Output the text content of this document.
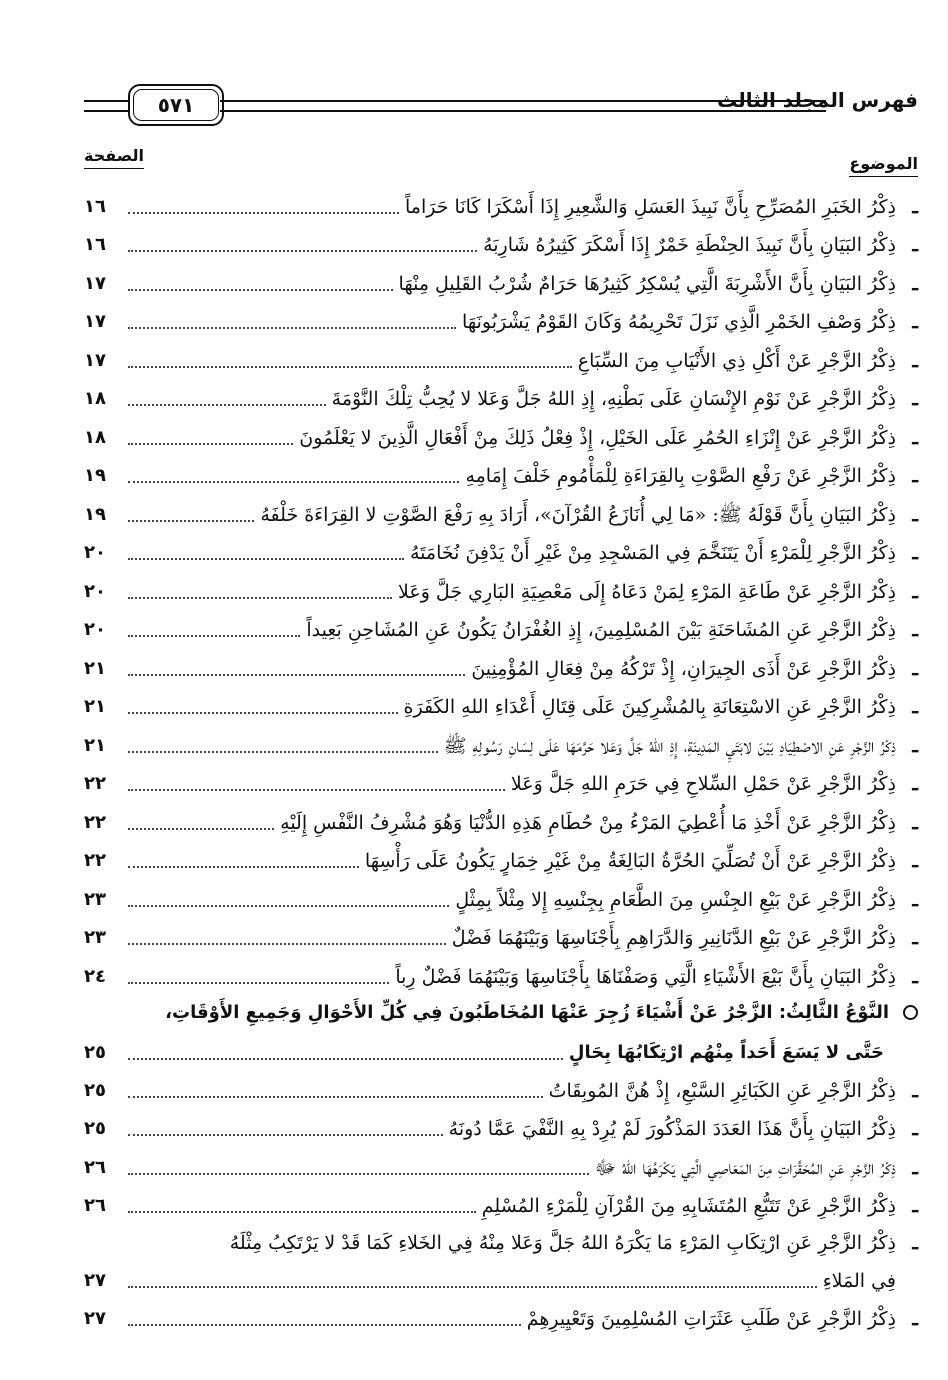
٥٧١	فهرس المجلد الثالث
الموضوع
الصفحة
ـ
ذِكْرُ الخَبَرِ المُصَرِّحِ بِأَنَّ نَبِيذَ العَسَلِ وَالشَّعِيرِ إِذَا أَسْكَرَا كَانَا حَرَاماً
١٦
ـ
ذِكْرُ البَيَانِ بِأَنَّ نَبِيذَ الحِنْطَةِ خَمْرٌ إِذَا أَسْكَرَ كَثِيرُهُ شَارِبَهُ
١٦
ـ
ذِكْرُ البَيَانِ بِأَنَّ الأَشْرِبَةَ الَّتِي يُسْكِرُ كَثِيرُهَا حَرَامٌ شُرْبُ القَلِيلِ مِنْهَا
١٧
ـ
ذِكْرُ وَصْفِ الخَمْرِ الَّذِي نَزَلَ تَحْرِيمُهُ وَكَانَ القَوْمُ يَشْرَبُونَهَا
١٧
ـ
ذِكْرُ الزَّجْرِ عَنْ أَكْلِ ذِي الأَنْيَابِ مِنَ السِّبَاعِ
١٧
ـ
ذِكْرُ الزَّجْرِ عَنْ نَوْمِ الإِنْسَانِ عَلَى بَطْنِهِ، إِذِ اللهُ جَلَّ وَعَلا لا يُحِبُّ تِلْكَ النَّوْمَةَ
١٨
ـ
ذِكْرُ الزَّجْرِ عَنْ إِنْزَاءِ الحُمُرِ عَلَى الخَيْلِ، إِذْ فِعْلُ ذَلِكَ مِنْ أَفْعَالِ الَّذِينَ لا يَعْلَمُونَ
١٨
ـ
ذِكْرُ الزَّجْرِ عَنْ رَفْعِ الصَّوْتِ بِالقِرَاءَةِ لِلْمَأْمُومِ خَلْفَ إِمَامِهِ
١٩
ـ
ذِكْرُ البَيَانِ بِأَنَّ قَوْلَهُ ﷺ: «مَا لِي أُنَازَعُ القُرْآنَ»، أَرَادَ بِهِ رَفْعَ الصَّوْتِ لا القِرَاءَةَ خَلْفَهُ
١٩
ـ
ذِكْرُ الزَّجْرِ لِلْمَرْءِ أَنْ يَتَنَخَّمَ فِي المَسْجِدِ مِنْ غَيْرِ أَنْ يَدْفِنَ نُخَامَتَهُ
٢٠
ـ
ذِكْرُ الزَّجْرِ عَنْ طَاعَةِ المَرْءِ لِمَنْ دَعَاهُ إِلَى مَعْصِيَةِ البَارِي جَلَّ وَعَلا
٢٠
ـ
ذِكْرُ الزَّجْرِ عَنِ المُشَاحَنَةِ بَيْنَ المُسْلِمِينَ، إِذِ الغُفْرَانُ يَكُونُ عَنِ المُشَاحِنِ بَعِيداً
٢٠
ـ
ذِكْرُ الزَّجْرِ عَنْ أَذَى الجِيرَانِ، إِذْ تَرْكُهُ مِنْ فِعَالِ المُؤْمِنِينَ
٢١
ـ
ذِكْرُ الزَّجْرِ عَنِ الاسْتِعَانَةِ بِالمُشْرِكِينَ عَلَى قِتَالِ أَعْدَاءِ اللهِ الكَفَرَةِ
٢١
ـ
ذِكْرُ الزَّجْرِ عَنِ الاصْطِيَادِ بَيْنَ لابَتَيِ المَدِينَةِ، إِذِ اللهُ جَلَّ وَعَلا حَرَّمَهَا عَلَى لِسَانِ رَسُولِهِ ﷺ
٢١
ـ
ذِكْرُ الزَّجْرِ عَنْ حَمْلِ السِّلاحِ فِي حَرَمِ اللهِ جَلَّ وَعَلا
٢٢
ـ
ذِكْرُ الزَّجْرِ عَنْ أَخْذِ مَا أُعْطِيَ المَرْءُ مِنْ حُطَامِ هَذِهِ الدُّنْيَا وَهُوَ مُشْرِفُ النَّفْسِ إِلَيْهِ
٢٢
ـ
ذِكْرُ الزَّجْرِ عَنْ أَنْ تُصَلِّيَ الحُرَّةُ البَالِغَةُ مِنْ غَيْرِ خِمَارٍ يَكُونُ عَلَى رَأْسِهَا
٢٢
ـ
ذِكْرُ الزَّجْرِ عَنْ بَيْعِ الجِنْسِ مِنَ الطَّعَامِ بِجِنْسِهِ إِلا مِثْلاً بِمِثْلٍ
٢٣
ـ
ذِكْرُ الزَّجْرِ عَنْ بَيْعِ الدَّنَانِيرِ وَالدَّرَاهِمِ بِأَجْنَاسِهَا وَبَيْنَهُمَا فَضْلٌ
٢٣
ـ
ذِكْرُ البَيَانِ بِأَنَّ بَيْعَ الأَشْيَاءِ الَّتِي وَصَفْنَاهَا بِأَجْنَاسِهَا وَبَيْنَهُمَا فَضْلٌ رِباً
٢٤
النَّوْعُ الثَّالِثُ: الزَّجْرُ عَنْ أَشْيَاءَ زُجِرَ عَنْهَا المُخَاطَبُونَ فِي كُلِّ الأَحْوَالِ وَجَمِيعِ الأَوْقَاتِ،
حَتَّى لا يَسَعَ أَحَداً مِنْهُم ارْتِكَابُهَا بِحَالٍ
٢٥
ـ
ذِكْرُ الزَّجْرِ عَنِ الكَبَائِرِ السَّبْعِ، إِذْ هُنَّ المُوبِقَاتُ
٢٥
ـ
ذِكْرُ البَيَانِ بِأَنَّ هَذَا العَدَدَ المَذْكُورَ لَمْ يُرِدْ بِهِ النَّفْيَ عَمَّا دُونَهُ
٢٥
ـ
ذِكْرُ الزَّجْرِ عَنِ المُحَقَّرَاتِ مِنَ المَعَاصِي الَّتِي يَكْرَهُهَا اللهُ ﷻ
٢٦
ـ
ذِكْرُ الزَّجْرِ عَنْ تَتَبُّعِ المُتَشَابِهِ مِنَ القُرْآنِ لِلْمَرْءِ المُسْلِمِ
٢٦
ـ
ذِكْرُ الزَّجْرِ عَنِ ارْتِكَابِ المَرْءِ مَا يَكْرَهُ اللهُ جَلَّ وَعَلا مِنْهُ فِي الخَلاءِ كَمَا قَدْ لا يَرْتَكِبُ مِثْلَهُ
فِي المَلاءِ
٢٧
ـ
ذِكْرُ الزَّجْرِ عَنْ طَلَبِ عَثَرَاتِ المُسْلِمِينَ وَتَعْيِيرِهِمْ
٢٧
